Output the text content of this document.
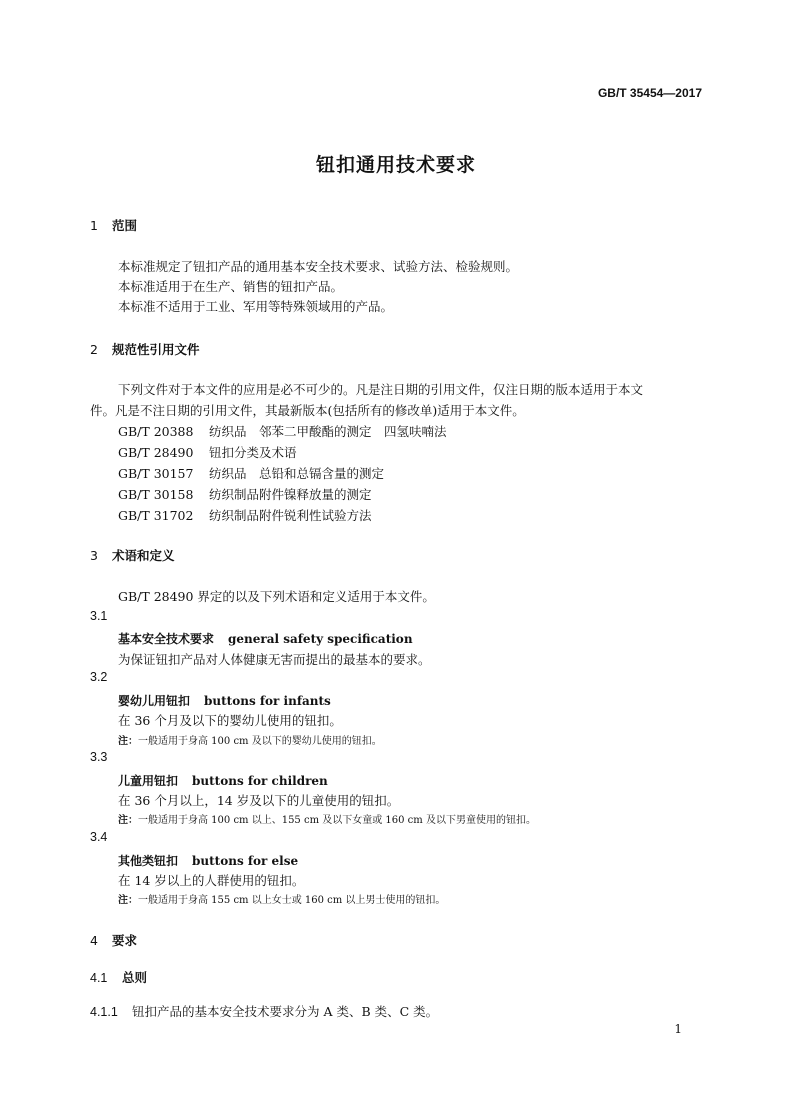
GB/T 35454—2017
钮扣通用技术要求
1 范围
本标准规定了钮扣产品的通用基本安全技术要求、试验方法、检验规则。
本标准适用于在生产、销售的钮扣产品。
本标准不适用于工业、军用等特殊领域用的产品。
2 规范性引用文件
下列文件对于本文件的应用是必不可少的。凡是注日期的引用文件，仅注日期的版本适用于本文
件。凡是不注日期的引用文件，其最新版本(包括所有的修改单)适用于本文件。
GB/T 20388 纺织品　邻苯二甲酸酯的测定　四氢呋喃法
GB/T 28490 钮扣分类及术语
GB/T 30157 纺织品　总铅和总镉含量的测定
GB/T 30158 纺织制品附件镍释放量的测定
GB/T 31702 纺织制品附件锐利性试验方法
3 术语和定义
GB/T 28490 界定的以及下列术语和定义适用于本文件。
3.1
基本安全技术要求 general safety specification
为保证钮扣产品对人体健康无害而提出的最基本的要求。
3.2
婴幼儿用钮扣 buttons for infants
在 36 个月及以下的婴幼儿使用的钮扣。
注：一般适用于身高 100 cm 及以下的婴幼儿使用的钮扣。
3.3
儿童用钮扣 buttons for children
在 36 个月以上，14 岁及以下的儿童使用的钮扣。
注：一般适用于身高 100 cm 以上、155 cm 及以下女童或 160 cm 及以下男童使用的钮扣。
3.4
其他类钮扣 buttons for else
在 14 岁以上的人群使用的钮扣。
注：一般适用于身高 155 cm 以上女士或 160 cm 以上男士使用的钮扣。
4 要求
4.1 总则
4.1.1 钮扣产品的基本安全技术要求分为 A 类、B 类、C 类。
1
